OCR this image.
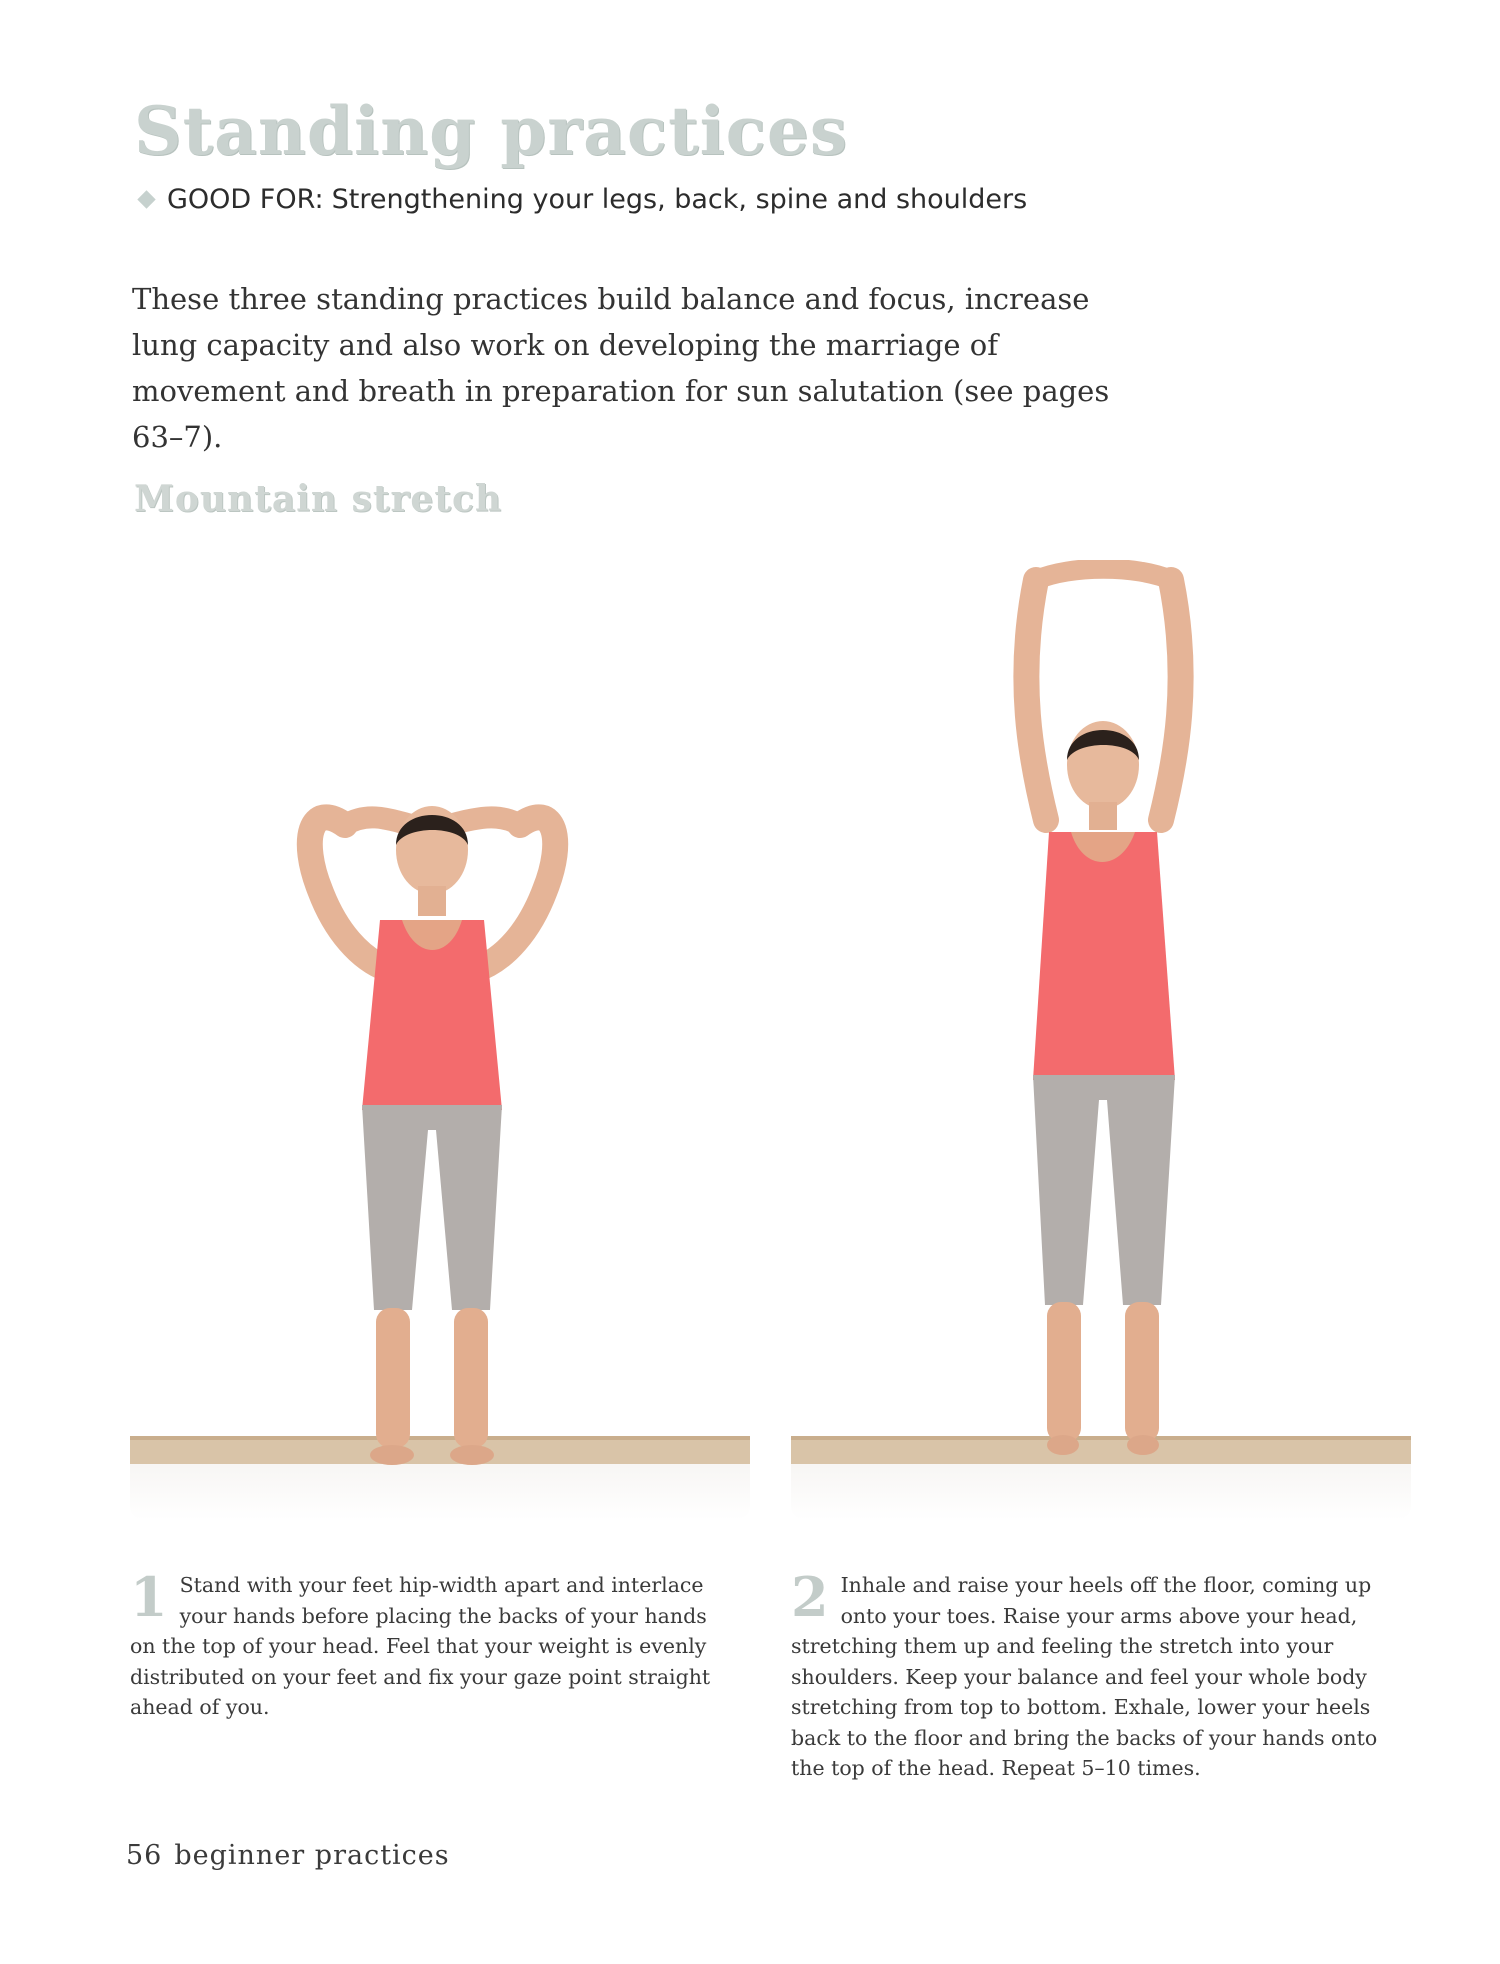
Standing practices
GOOD FOR: Strengthening your legs, back, spine and shoulders

These three standing practices build balance and focus, increase lung capacity and also work on developing the marriage of movement and breath in preparation for sun salutation (see pages 63–7).

Mountain stretch
1 Stand with your feet hip-width apart and interlace your hands before placing the backs of your hands on the top of your head. Feel that your weight is evenly distributed on your feet and fix your gaze point straight ahead of you.

2 Inhale and raise your heels off the floor, coming up onto your toes. Raise your arms above your head, stretching them up and feeling the stretch into your shoulders. Keep your balance and feel your whole body stretching from top to bottom. Exhale, lower your heels back to the floor and bring the backs of your hands onto the top of the head. Repeat 5–10 times.

56 beginner practices
